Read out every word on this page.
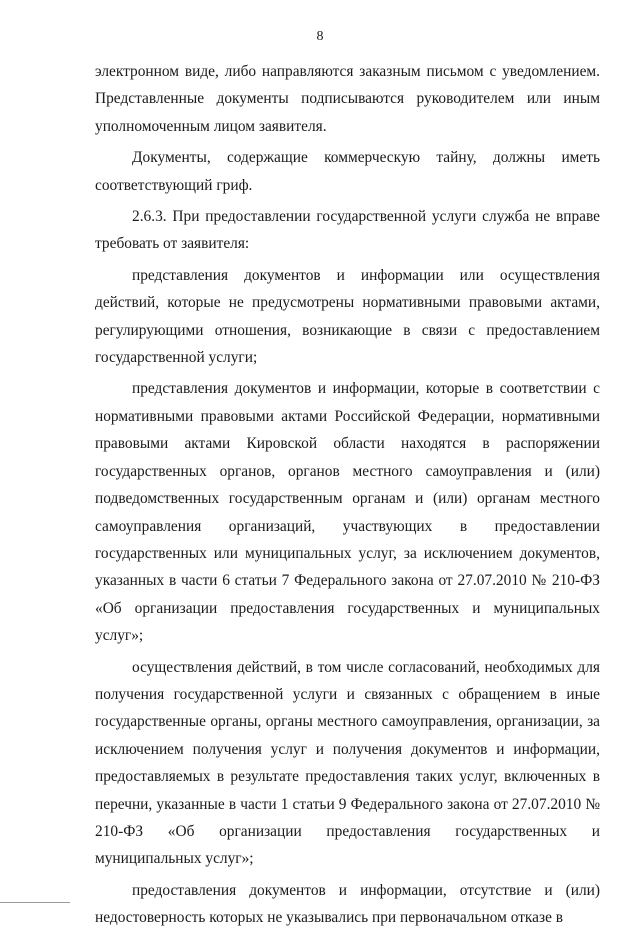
8

электронном виде, либо направляются заказным письмом с уведомлением. Представленные документы подписываются руководителем или иным уполномоченным лицом заявителя.

Документы, содержащие коммерческую тайну, должны иметь соответствующий гриф.

2.6.3. При предоставлении государственной услуги служба не вправе требовать от заявителя:

представления документов и информации или осуществления действий, которые не предусмотрены нормативными правовыми актами, регулирующими отношения, возникающие в связи с предоставлением государственной услуги;

представления документов и информации, которые в соответствии с нормативными правовыми актами Российской Федерации, нормативными правовыми актами Кировской области находятся в распоряжении государственных органов, органов местного самоуправления и (или) подведомственных государственным органам и (или) органам местного самоуправления организаций, участвующих в предоставлении государственных или муниципальных услуг, за исключением документов, указанных в части 6 статьи 7 Федерального закона от 27.07.2010 № 210-ФЗ «Об организации предоставления государственных и муниципальных услуг»;

осуществления действий, в том числе согласований, необходимых для получения государственной услуги и связанных с обращением в иные государственные органы, органы местного самоуправления, организации, за исключением получения услуг и получения документов и информации, предоставляемых в результате предоставления таких услуг, включенных в перечни, указанные в части 1 статьи 9 Федерального закона от 27.07.2010 № 210-ФЗ «Об организации предоставления государственных и муниципальных услуг»;

предоставления документов и информации, отсутствие и (или) недостоверность которых не указывались при первоначальном отказе в
